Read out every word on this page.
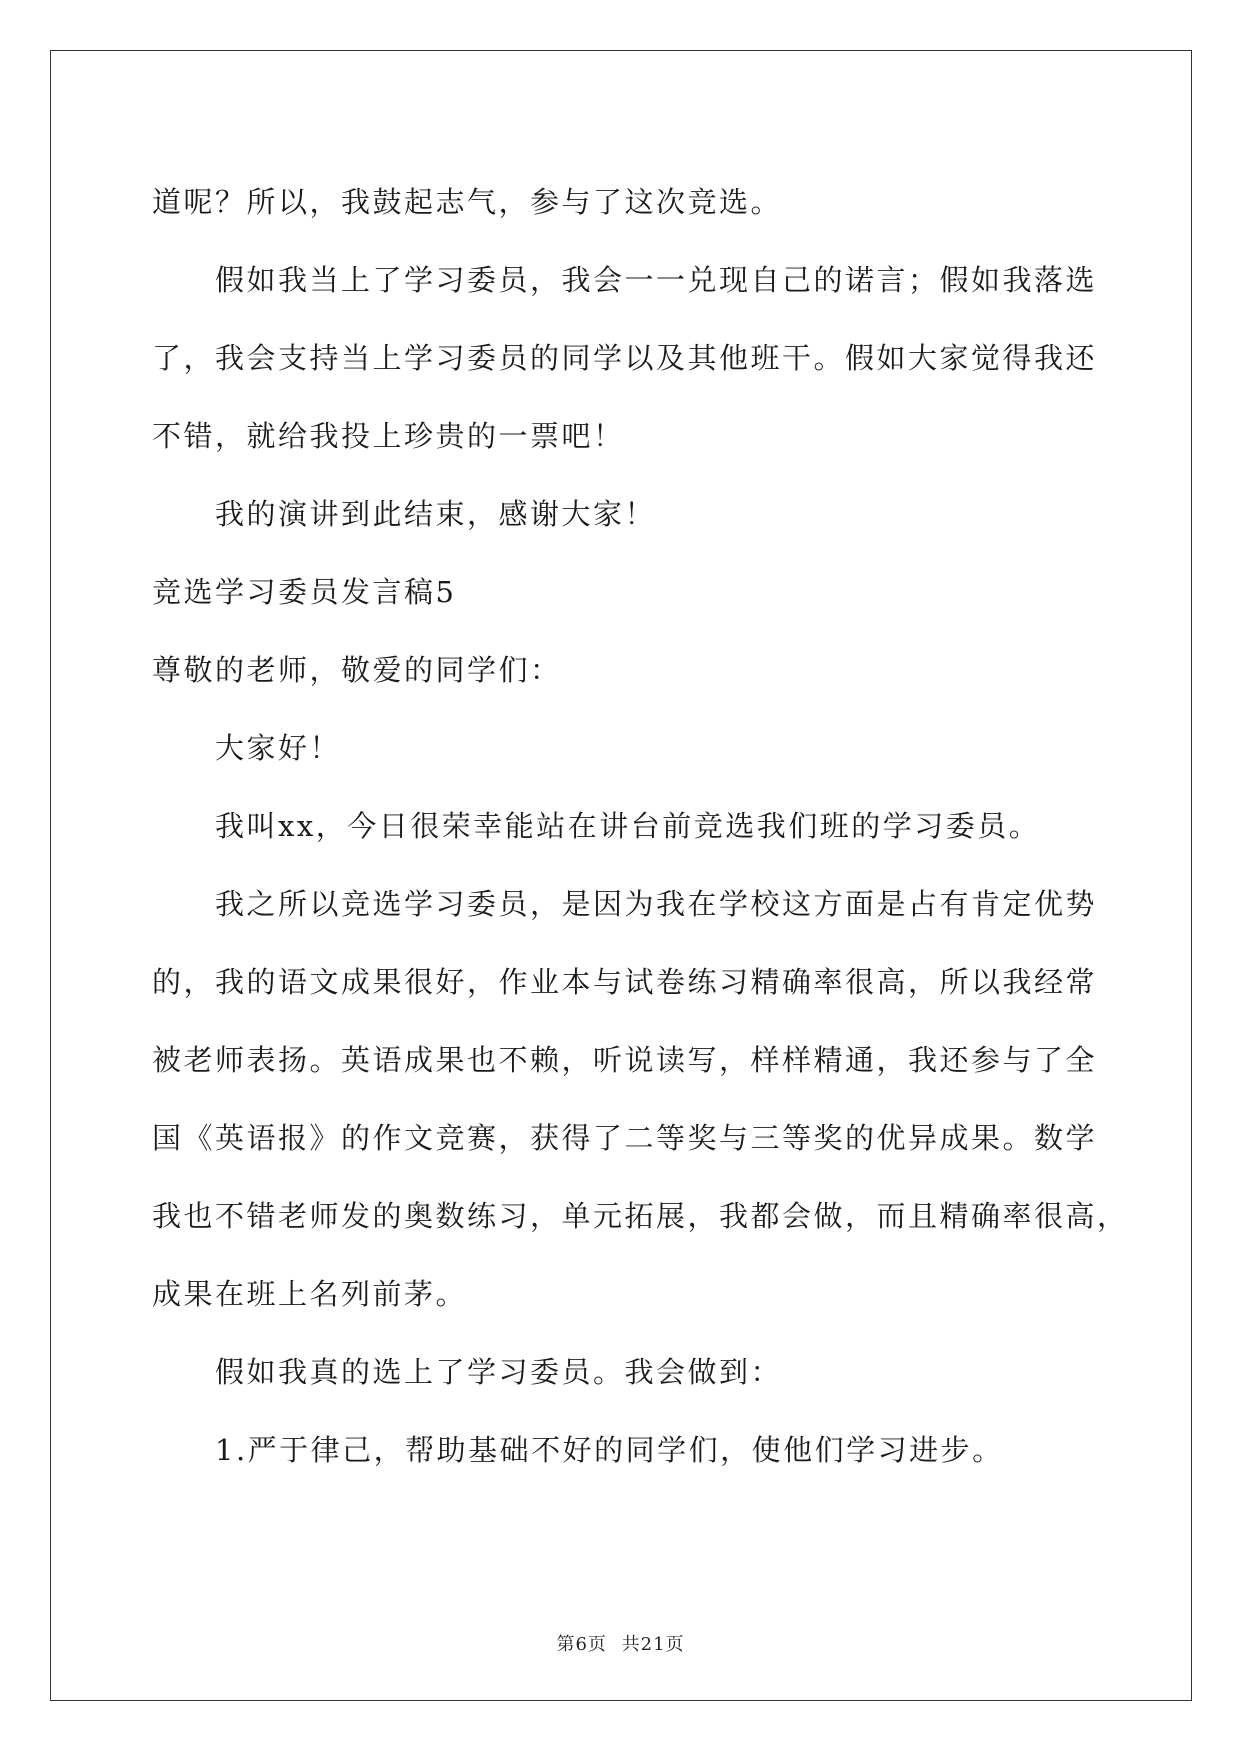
道呢？所以，我鼓起志气，参与了这次竞选。
假如我当上了学习委员，我会一一兑现自己的诺言；假如我落选
了，我会支持当上学习委员的同学以及其他班干。假如大家觉得我还
不错，就给我投上珍贵的一票吧！
我的演讲到此结束，感谢大家！
竞选学习委员发言稿5
尊敬的老师，敬爱的同学们：
大家好！
我叫xx，今日很荣幸能站在讲台前竞选我们班的学习委员。
我之所以竞选学习委员，是因为我在学校这方面是占有肯定优势
的，我的语文成果很好，作业本与试卷练习精确率很高，所以我经常
被老师表扬。英语成果也不赖，听说读写，样样精通，我还参与了全
国《英语报》的作文竞赛，获得了二等奖与三等奖的优异成果。数学
我也不错老师发的奥数练习，单元拓展，我都会做，而且精确率很高，
成果在班上名列前茅。
假如我真的选上了学习委员。我会做到：
1.严于律己，帮助基础不好的同学们，使他们学习进步。
第6页 共21页
